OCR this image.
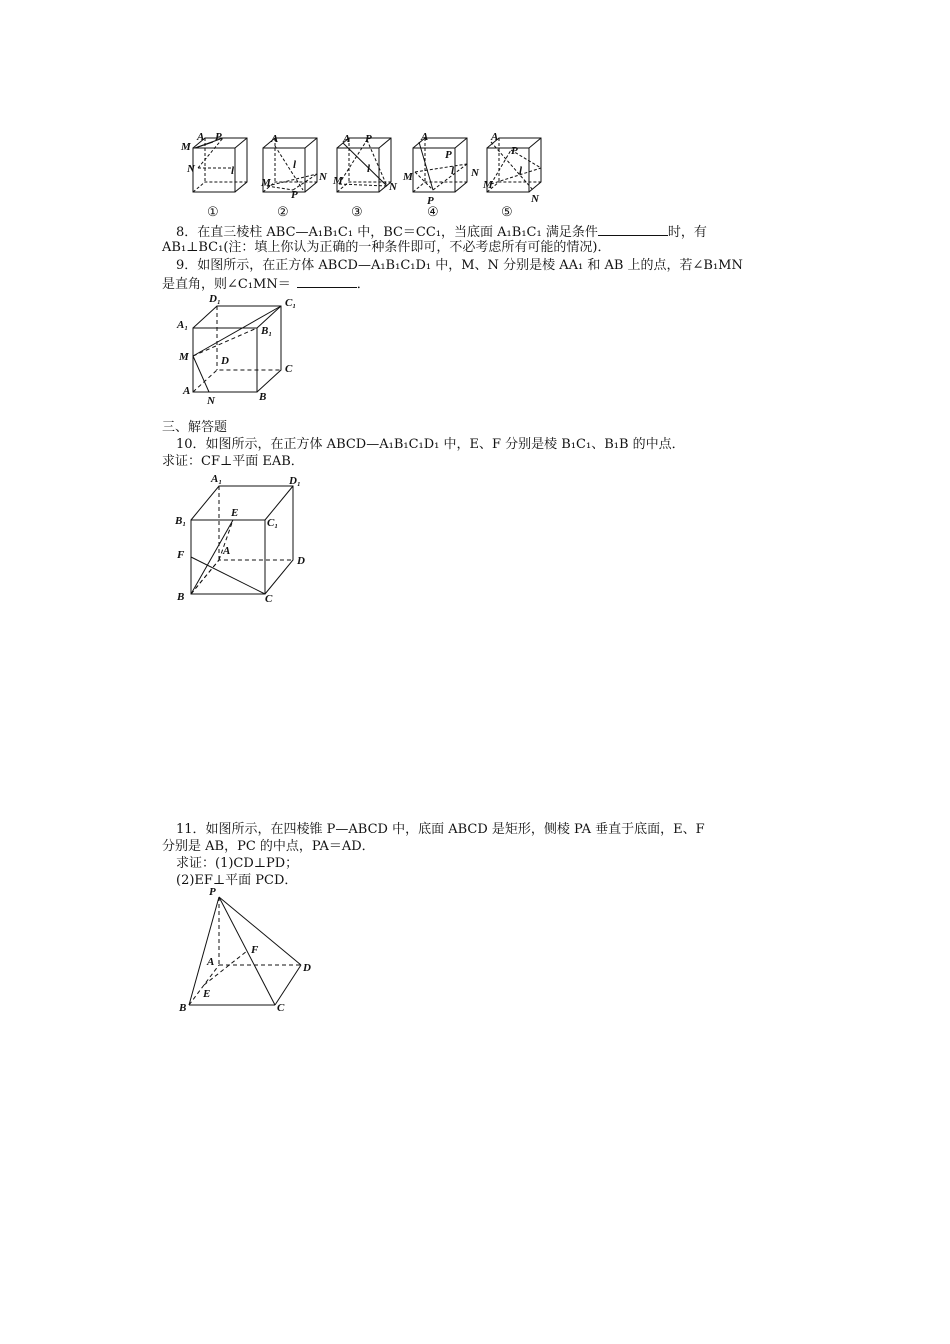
M
A P
N	l
A
l
M	N
P
A P
N
l
M
A
P
l
M	N
P
A
P
N
M
l
①	②	③	④	⑤
8．在直三棱柱 ABC—A₁B₁C₁ 中，BC＝CC₁，当底面 A₁B₁C₁ 满足条件	时，有
AB₁⊥BC₁(注：填上你认为正确的一种条件即可，不必考虑所有可能的情况)．
9．如图所示，在正方体 ABCD—A₁B₁C₁D₁ 中，M、N 分别是棱 AA₁ 和 AB 上的点，若∠B₁MN
是直角，则∠C₁MN＝	．
D₁	C₁
A₁	B₁
M	D
C
A
N	B
三、解答题
10．如图所示，在正方体 ABCD—A₁B₁C₁D₁ 中，E、F 分别是棱 B₁C₁、B₁B 的中点．
求证：CF⊥平面 EAB．
A₁	D₁
B₁
E
C₁
F	A
D
B	C
11．如图所示，在四棱锥 P—ABCD 中，底面 ABCD 是矩形，侧棱 PA 垂直于底面，E、F
分别是 AB，PC 的中点，PA＝AD．
求证：(1)CD⊥PD；
(2)EF⊥平面 PCD．
P
F
A	D
E
B	C
